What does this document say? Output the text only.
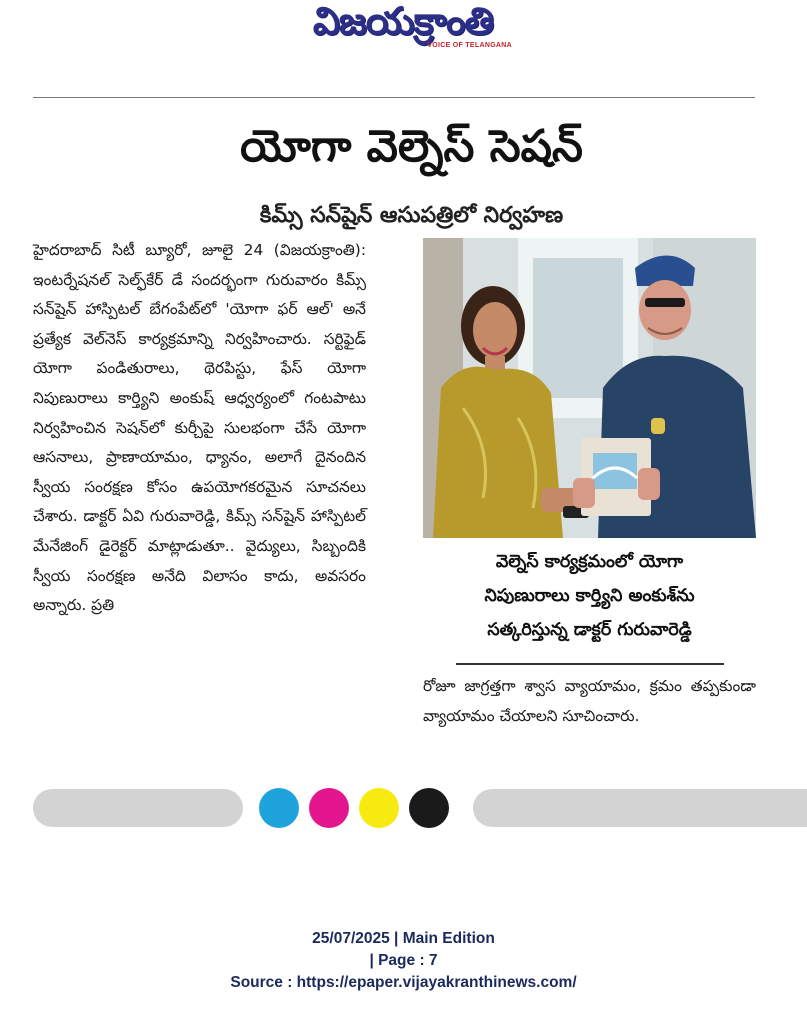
విజయక్రాంతి
VOICE OF TELANGANA
యోగా వెల్నెస్ సెషన్
కిమ్స్ సన్‌షైన్ ఆసుపత్రిలో నిర్వహణ

హైదరాబాద్ సిటీ బ్యూరో, జూలై 24 (విజయక్రాంతి): ఇంటర్నేషనల్ సెల్ఫ్‌కేర్ డే సందర్భంగా గురువారం కిమ్స్ సన్‌షైన్ హాస్పిటల్ బేగంపేట్‌లో 'యోగా ఫర్ ఆల్' అనే ప్రత్యేక వెల్‌నెస్ కార్యక్రమాన్ని నిర్వహించారు. సర్టిఫైడ్ యోగా పండితురాలు, థెరపిస్టు, ఫేస్ యోగా నిపుణురాలు కార్త్యిని అంకుష్ ఆధ్వర్యంలో గంటపాటు నిర్వహించిన సెషన్‌లో కుర్చీపై సులభంగా చేసే యోగా ఆసనాలు, ప్రాణాయామం, ధ్యానం, అలాగే దైనందిన స్వీయ సంరక్షణ కోసం ఉపయోగకరమైన సూచనలు చేశారు. డాక్టర్ ఏవి గురువారెడ్డి, కిమ్స్ సన్‌షైన్ హాస్పిటల్ మేనేజింగ్ డైరెక్టర్ మాట్లాడుతూ.. వైద్యులు, సిబ్బందికి స్వీయ సంరక్షణ అనేది విలాసం కాదు, అవసరం అన్నారు. ప్రతి

వెల్నెస్ కార్యక్రమంలో యోగా
నిపుణురాలు కార్త్యిని అంకుశ్‌ను
సత్కరిస్తున్న డాక్టర్ గురువారెడ్డి

రోజూ జాగ్రత్తగా శ్వాస వ్యాయామం, క్రమం తప్పకుండా వ్యాయామం చేయాలని సూచించారు.

25/07/2025 | Main Edition
| Page : 7
Source : https://epaper.vijayakranthinews.com/
